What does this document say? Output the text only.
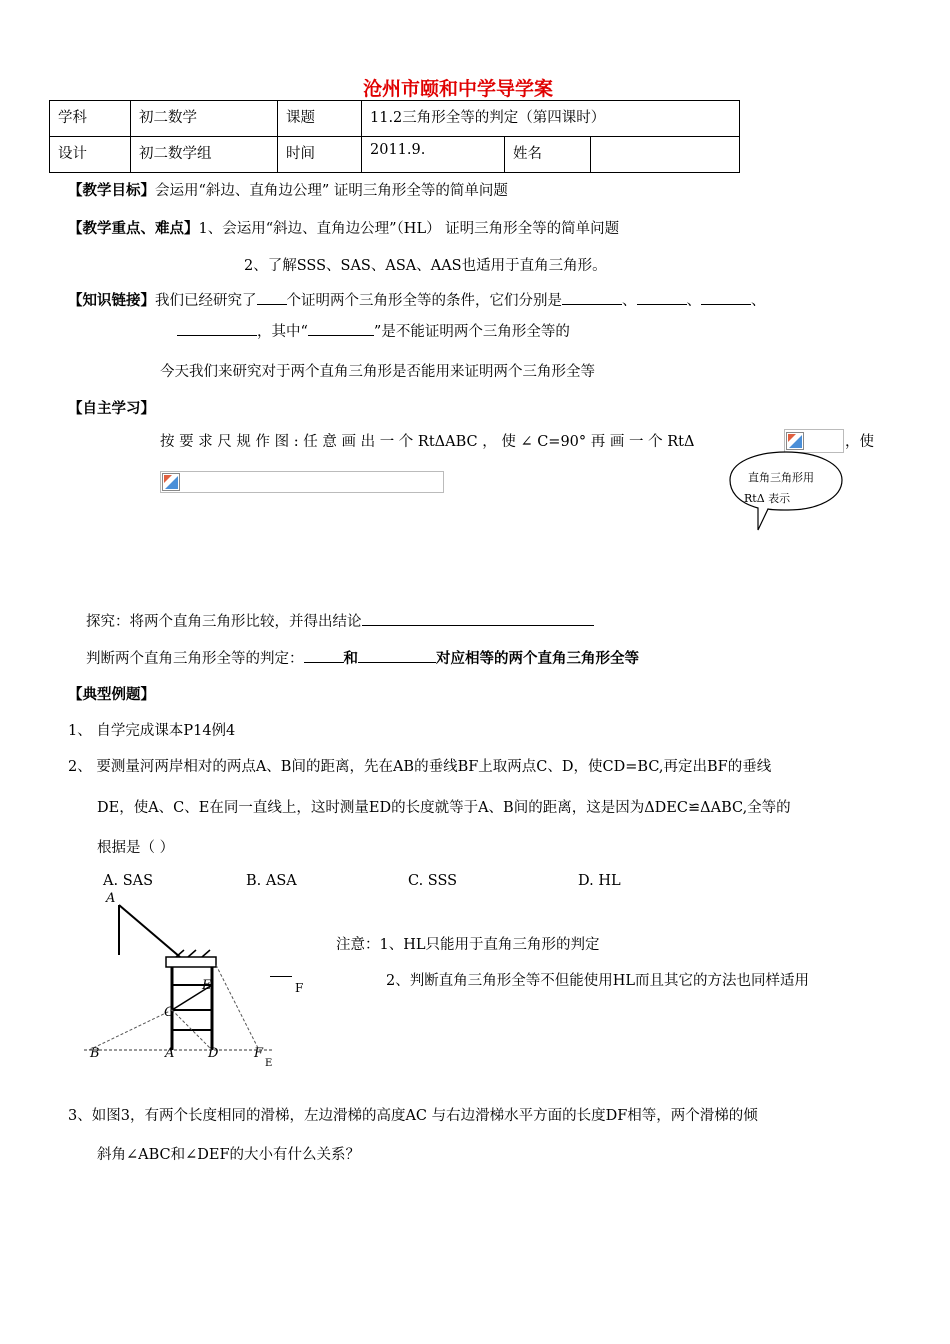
沧州市颐和中学导学案
学科	初二数学	课题	11.2三角形全等的判定（第四课时）		
设计	初二数学组	时间	2011.9.	姓名	
【教学目标】会运用“斜边、直角边公理” 证明三角形全等的简单问题
【教学重点、难点】1、会运用“斜边、直角边公理”（HL） 证明三角形全等的简单问题
2、了解SSS、SAS、ASA、AAS也适用于直角三角形。
【知识链接】我们已经研究了 个证明两个三角形全等的条件，它们分别是	、	、	、
，其中“	”是不能证明两个三角形全等的
今天我们来研究对于两个直角三角形是否能用来证明两个三角形全等
【自主学习】
按 要 求 尺 规 作 图 : 任 意 画 出 一 个 RtΔABC ， 使 ∠ C=90° 再 画 一 个 RtΔ	，使
直角三角形用
RtΔ 表示
探究：将两个直角三角形比较，并得出结论
判断两个直角三角形全等的判定：	和	对应相等的两个直角三角形全等
【典型例题】
1、 自学完成课本P14例4
2、 要测量河两岸相对的两点A、B间的距离，先在AB的垂线BF上取两点C、D，使CD=BC,再定出BF的垂线
DE，使A、C、E在同一直线上，这时测量ED的长度就等于A、B间的距离，这是因为ΔDEC≌ΔABC,全等的
根据是（ ）
A. SAS	B. ASA	C. SSS	D. HL
A
B	A
C
D
E
F
E
F
注意：1、HL只能用于直角三角形的判定
2、判断直角三角形全等不但能使用HL而且其它的方法也同样适用
3、如图3，有两个长度相同的滑梯，左边滑梯的高度AC 与右边滑梯水平方面的长度DF相等，两个滑梯的倾
斜角∠ABC和∠DEF的大小有什么关系？
